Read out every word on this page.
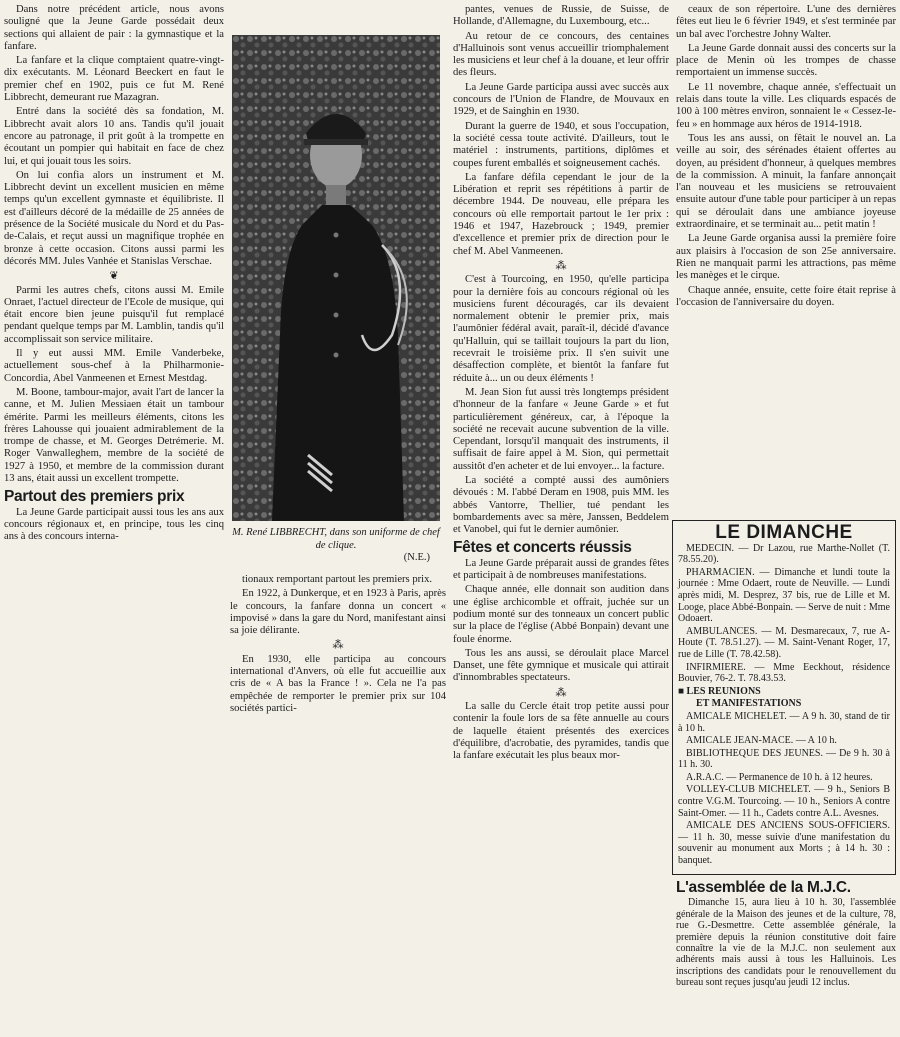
Dans notre précédent article, nous avons souligné que la Jeune Garde possédait deux sections qui allaient de pair : la gymnastique et la fanfare.

La fanfare et la clique comptaient quatre-vingt-dix exécutants. M. Léonard Beeckert en faut le premier chef en 1902, puis ce fut M. René Libbrecht, demeurant rue Mazagran.

Entré dans la société dès sa fondation, M. Libbrecht avait alors 10 ans. Tandis qu'il jouait encore au patronage, il prit goût à la trompette en écoutant un pompier qui habitait en face de chez lui, et qui jouait tous les soirs.

On lui confia alors un instrument et M. Libbrecht devint un excellent musicien en même temps qu'un excellent gymnaste et équilibriste. Il est d'ailleurs décoré de la médaille de 25 années de présence de la Société musicale du Nord et du Pas-de-Calais, et reçut aussi un magnifique trophée en bronze à cette occasion. Citons aussi parmi les décorés MM. Jules Vanhée et Stanislas Verschae.

❦

Parmi les autres chefs, citons aussi M. Emile Onraet, l'actuel directeur de l'Ecole de musique, qui était encore bien jeune puisqu'il fut remplacé pendant quelque temps par M. Lamblin, tandis qu'il accomplissait son service militaire.

Il y eut aussi MM. Emile Vanderbeke, actuellement sous-chef à la Philharmonie-Concordia, Abel Vanmeenen et Ernest Mestdag.

M. Boone, tambour-major, avait l'art de lancer la canne, et M. Julien Messiaen était un tambour émérite. Parmi les meilleurs éléments, citons les frères Lahousse qui jouaient admirablement de la trompe de chasse, et M. Georges Detrémerie. M. Roger Vanwalleghem, membre de la société de 1927 à 1950, et membre de la commission durant 13 ans, était aussi un excellent trompette.

Partout des premiers prix

La Jeune Garde participait aussi tous les ans aux concours régionaux et, en principe, tous les cinq ans à des concours interna-	M. René LIBBRECHT, dans son uniforme de chef de clique.
(N.E.)

tionaux remportant partout les premiers prix.

En 1922, à Dunkerque, et en 1923 à Paris, après le concours, la fanfare donna un concert « impovisé » dans la gare du Nord, manifestant ainsi sa joie délirante.

⁂

En 1930, elle participa au concours international d'Anvers, où elle fut accueillie aux cris de « A bas la France ! ». Cela ne l'a pas empêchée de remporter le premier prix sur 104 sociétés partici-

pantes, venues de Russie, de Suisse, de Hollande, d'Allemagne, du Luxembourg, etc...

Au retour de ce concours, des centaines d'Halluinois sont venus accueillir triomphalement les musiciens et leur chef à la douane, et leur offrir des fleurs.

La Jeune Garde participa aussi avec succès aux concours de l'Union de Flandre, de Mouvaux en 1929, et de Sainghin en 1930.

Durant la guerre de 1940, et sous l'occupation, la société cessa toute activité. D'ailleurs, tout le matériel : instruments, partitions, diplômes et coupes furent emballés et soigneusement cachés.

La fanfare défila cependant le jour de la Libération et reprit ses répétitions à partir de décembre 1944. De nouveau, elle prépara les concours où elle remportait partout le 1er prix : 1946 et 1947, Hazebrouck ; 1949, premier d'excellence et premier prix de direction pour le chef M. Abel Vanmeenen.

⁂

C'est à Tourcoing, en 1950, qu'elle participa pour la dernière fois au concours régional où les musiciens furent découragés, car ils devaient normalement obtenir le premier prix, mais l'aumônier fédéral avait, paraît-il, décidé d'avance qu'Halluin, qui se taillait toujours la part du lion, recevrait le troisième prix. Il s'en suivit une désaffection complète, et bientôt la fanfare fut réduite à... un ou deux éléments !

M. Jean Sion fut aussi très longtemps président d'honneur de la fanfare « Jeune Garde » et fut particulièrement généreux, car, à l'époque la société ne recevait aucune subvention de la ville. Cependant, lorsqu'il manquait des instruments, il suffisait de faire appel à M. Sion, qui permettait aussitôt d'en acheter et de lui envoyer... la facture.

La société a compté aussi des aumôniers dévoués : M. l'abbé Deram en 1908, puis MM. les abbés Vantorre, Thellier, tué pendant les bombardements avec sa mère, Janssen, Beddelem et Vanobel, qui fut le dernier aumônier.

Fêtes et concerts réussis

La Jeune Garde préparait aussi de grandes fêtes et participait à de nombreuses manifestations.

Chaque année, elle donnait son audition dans une église archicomble et offrait, juchée sur un podium monté sur des tonneaux un concert public sur la place de l'église (Abbé Bonpain) devant une foule énorme.

Tous les ans aussi, se déroulait place Marcel Danset, une fête gymnique et musicale qui attirait d'innombrables spectateurs.

⁂

La salle du Cercle était trop petite aussi pour contenir la foule lors de sa fête annuelle au cours de laquelle étaient présentés des exercices d'équilibre, d'acrobatie, des pyramides, tandis que la fanfare exécutait les plus beaux mor-

ceaux de son répertoire. L'une des dernières fêtes eut lieu le 6 février 1949, et s'est terminée par un bal avec l'orchestre Johny Walter.

La Jeune Garde donnait aussi des concerts sur la place de Menin où les trompes de chasse remportaient un immense succès.

Le 11 novembre, chaque année, s'effectuait un relais dans toute la ville. Les cliquards espacés de 100 à 100 mètres environ, sonnaient le « Cessez-le-feu » en hommage aux héros de 1914-1918.

Tous les ans aussi, on fêtait le nouvel an. La veille au soir, des sérénades étaient offertes au doyen, au président d'honneur, à quelques membres de la commission. A minuit, la fanfare annonçait l'an nouveau et les musiciens se retrouvaient ensuite autour d'une table pour participer à un repas qui se déroulait dans une ambiance joyeuse extraordinaire, et se terminait au... petit matin !

La Jeune Garde organisa aussi la première foire aux plaisirs à l'occasion de son 25e anniversaire. Rien ne manquait parmi les attractions, pas même les manèges et le cirque.

Chaque année, ensuite, cette foire était reprise à l'occasion de l'anniversaire du doyen.

LE DIMANCHE

MEDECIN. — Dr Lazou, rue Marthe-Nollet (T. 78.55.20).

PHARMACIEN. — Dimanche et lundi toute la journée : Mme Odaert, route de Neuville. — Lundi après midi, M. Desprez, 37 bis, rue de Lille et M. Looge, place Abbé-Bonpain. — Serve de nuit : Mme Odoaert.

AMBULANCES. — M. Desmarecaux, 7, rue A-Houte (T. 78.51.27). — M. Saint-Venant Roger, 17, rue de Lille (T. 78.42.58).

INFIRMIERE. — Mme Eeckhout, résidence Bouvier, 76-2. T. 78.43.53.

■ LES REUNIONS

ET MANIFESTATIONS

AMICALE MICHELET. — A 9 h. 30, stand de tir à 10 h.

AMICALE JEAN-MACE. — A 10 h.

BIBLIOTHEQUE DES JEUNES. — De 9 h. 30 à 11 h. 30.

A.R.A.C. — Permanence de 10 h. à 12 heures.

VOLLEY-CLUB MICHELET. — 9 h., Seniors B contre V.G.M. Tourcoing. — 10 h., Seniors A contre Saint-Omer. — 11 h., Cadets contre A.L. Avesnes.

AMICALE DES ANCIENS SOUS-OFFICIERS. — 11 h. 30, messe suivie d'une manifestation du souvenir au monument aux Morts ; à 14 h. 30 : banquet.

L'assemblée de la M.J.C.

Dimanche 15, aura lieu à 10 h. 30, l'assemblée générale de la Maison des jeunes et de la culture, 78, rue G.-Desmettre. Cette assemblée générale, la première depuis la réunion constitutive doit faire connaître la vie de la M.J.C. non seulement aux adhérents mais aussi à tous les Halluinois. Les inscriptions des candidats pour le renouvellement du bureau sont reçues jusqu'au jeudi 12 inclus.
